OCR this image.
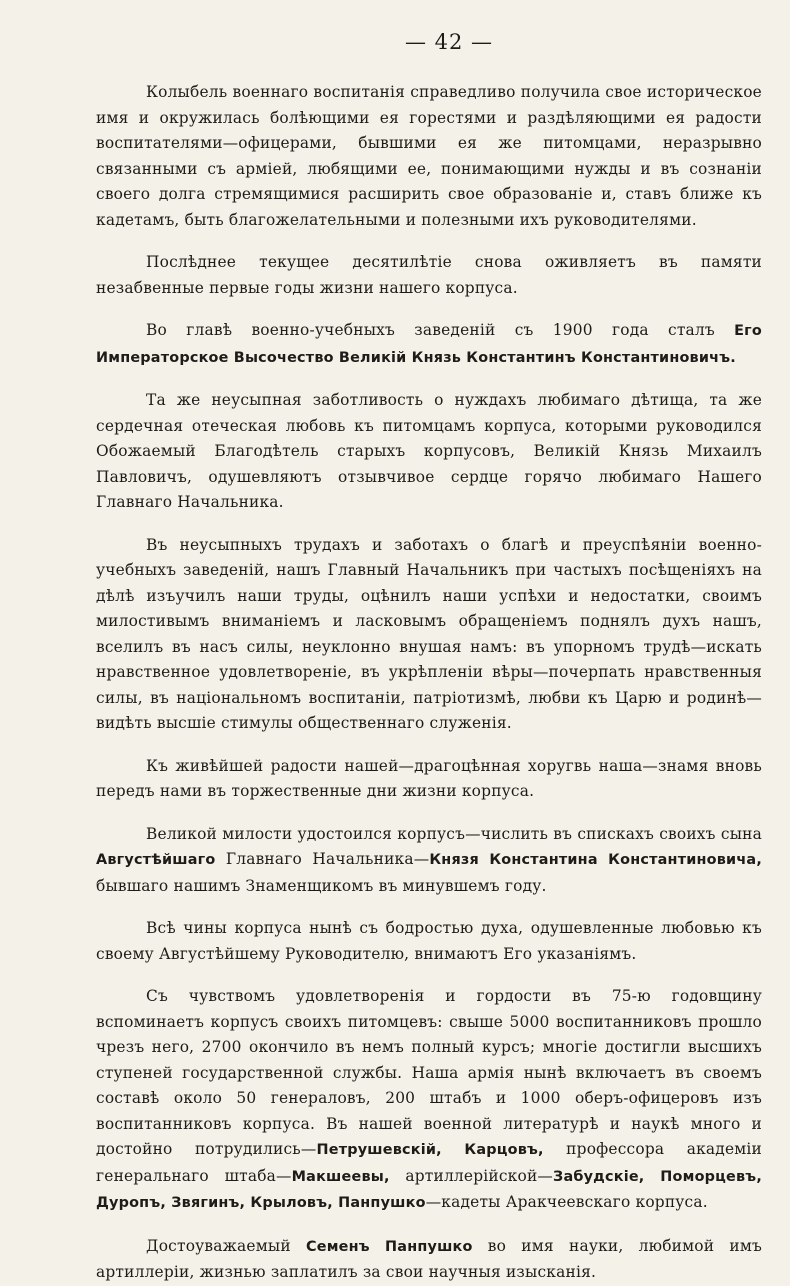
— 42 —

Колыбель военнаго воспитанія справедливо получила свое историческое имя и окружилась болѣющими ея горестями и раздѣляющими ея радости воспитателями—офицерами, бывшими ея же питомцами, неразрывно связанными съ арміей, любящими ее, понимающими нужды и въ сознаніи своего долга стремящимися расширить свое образованіе и, ставъ ближе къ кадетамъ, быть благожелательными и полезными ихъ руководителями.

Послѣднее текущее десятилѣтіе снова оживляетъ въ памяти незабвенные первые годы жизни нашего корпуса.

Во главѣ военно-учебныхъ заведеній съ 1900 года сталъ Его Императорское Высочество Великій Князь Константинъ Константиновичъ.

Та же неусыпная заботливость о нуждахъ любимаго дѣтища, та же сердечная отеческая любовь къ питомцамъ корпуса, которыми руководился Обожаемый Благодѣтель старыхъ корпусовъ, Великій Князь Михаилъ Павловичъ, одушевляютъ отзывчивое сердце горячо любимаго Нашего Главнаго Начальника.

Въ неусыпныхъ трудахъ и заботахъ о благѣ и преуспѣяніи военно-учебныхъ заведеній, нашъ Главный Начальникъ при частыхъ посѣщеніяхъ на дѣлѣ изъучилъ наши труды, оцѣнилъ наши успѣхи и недостатки, своимъ милостивымъ вниманіемъ и ласковымъ обращеніемъ поднялъ духъ нашъ, вселилъ въ насъ силы, неуклонно внушая намъ: въ упорномъ трудѣ—искать нравственное удовлетвореніе, въ укрѣпленіи вѣры—почерпать нравственныя силы, въ національномъ воспитаніи, патріотизмѣ, любви къ Царю и родинѣ—видѣть высшіе стимулы общественнаго служенія.

Къ живѣйшей радости нашей—драгоцѣнная хоругвь наша—знамя вновь передъ нами въ торжественные дни жизни корпуса.

Великой милости удостоился корпусъ—числить въ спискахъ своихъ сына Августѣйшаго Главнаго Начальника—Князя Константина Константиновича, бывшаго нашимъ Знаменщикомъ въ минувшемъ году.

Всѣ чины корпуса нынѣ съ бодростью духа, одушевленные любовью къ своему Августѣйшему Руководителю, внимаютъ Его указаніямъ.

Съ чувствомъ удовлетворенія и гордости въ 75-ю годовщину вспоминаетъ корпусъ своихъ питомцевъ: свыше 5000 воспитанниковъ прошло чрезъ него, 2700 окончило въ немъ полный курсъ; многіе достигли высшихъ ступеней государственной службы. Наша армія нынѣ включаетъ въ своемъ составѣ около 50 генераловъ, 200 штабъ и 1000 оберъ-офицеровъ изъ воспитанниковъ корпуса. Въ нашей военной литературѣ и наукѣ много и достойно потрудились—Петрушевскій, Карцовъ, профессора академіи генеральнаго штаба—Макшеевы, артиллерійской—Забудскіе, Поморцевъ, Дуропъ, Звягинъ, Крыловъ, Панпушко—кадеты Аракчеевскаго корпуса.

Достоуважаемый Семенъ Панпушко во имя науки, любимой имъ артиллеріи, жизнью заплатилъ за свои научныя изысканія.
